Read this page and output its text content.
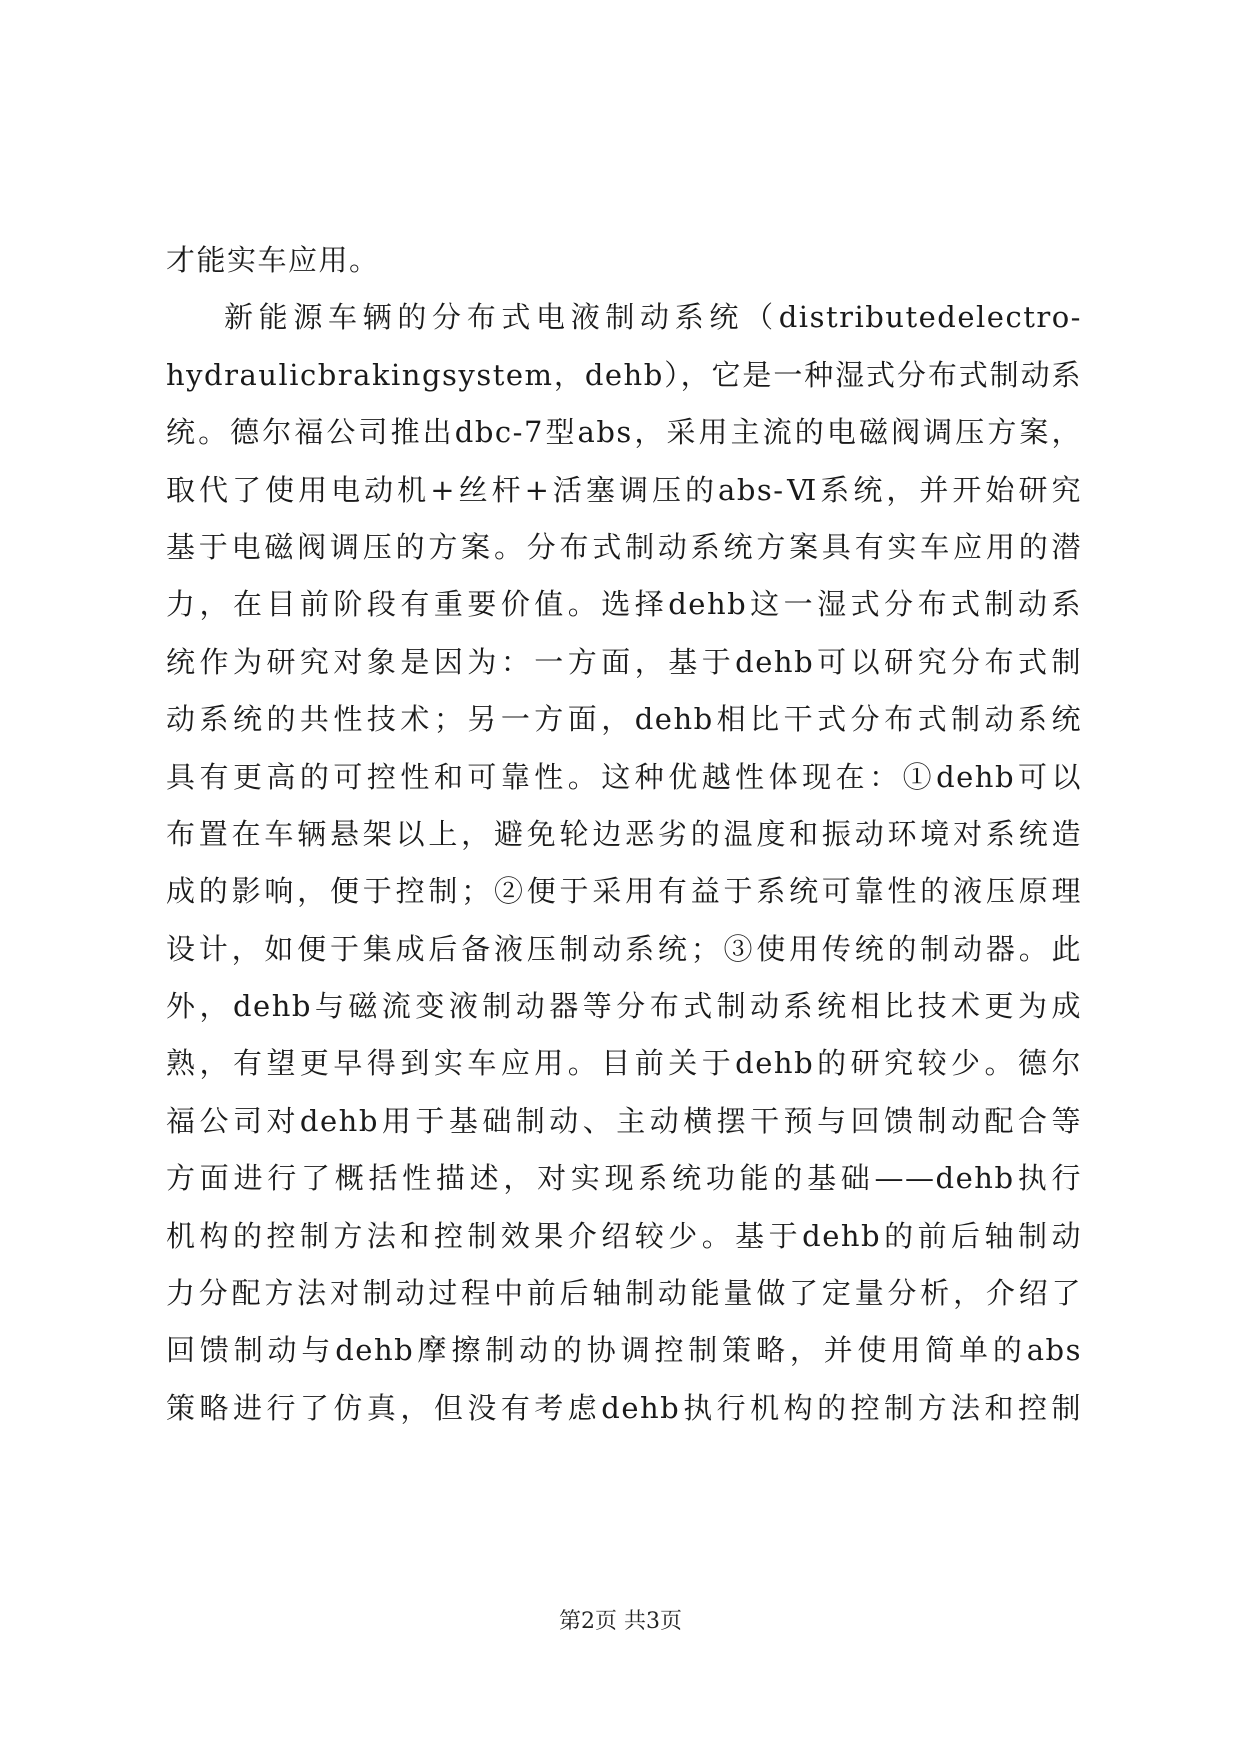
才能实车应用。
新能源车辆的分布式电液制动系统（distributedelectro-
hydraulicbrakingsystem，dehb），它是一种湿式分布式制动系
统。德尔福公司推出dbc-7型abs，采用主流的电磁阀调压方案，
取代了使用电动机+丝杆+活塞调压的abs-Ⅵ系统，并开始研究
基于电磁阀调压的方案。分布式制动系统方案具有实车应用的潜
力，在目前阶段有重要价值。选择dehb这一湿式分布式制动系
统作为研究对象是因为：一方面，基于dehb可以研究分布式制
动系统的共性技术；另一方面，dehb相比干式分布式制动系统
具有更高的可控性和可靠性。这种优越性体现在：①dehb可以
布置在车辆悬架以上，避免轮边恶劣的温度和振动环境对系统造
成的影响，便于控制；②便于采用有益于系统可靠性的液压原理
设计，如便于集成后备液压制动系统；③使用传统的制动器。此
外，dehb与磁流变液制动器等分布式制动系统相比技术更为成
熟，有望更早得到实车应用。目前关于dehb的研究较少。德尔
福公司对dehb用于基础制动、主动横摆干预与回馈制动配合等
方面进行了概括性描述，对实现系统功能的基础——dehb执行
机构的控制方法和控制效果介绍较少。基于dehb的前后轴制动
力分配方法对制动过程中前后轴制动能量做了定量分析，介绍了
回馈制动与dehb摩擦制动的协调控制策略，并使用简单的abs
策略进行了仿真，但没有考虑dehb执行机构的控制方法和控制
第2页 共3页
